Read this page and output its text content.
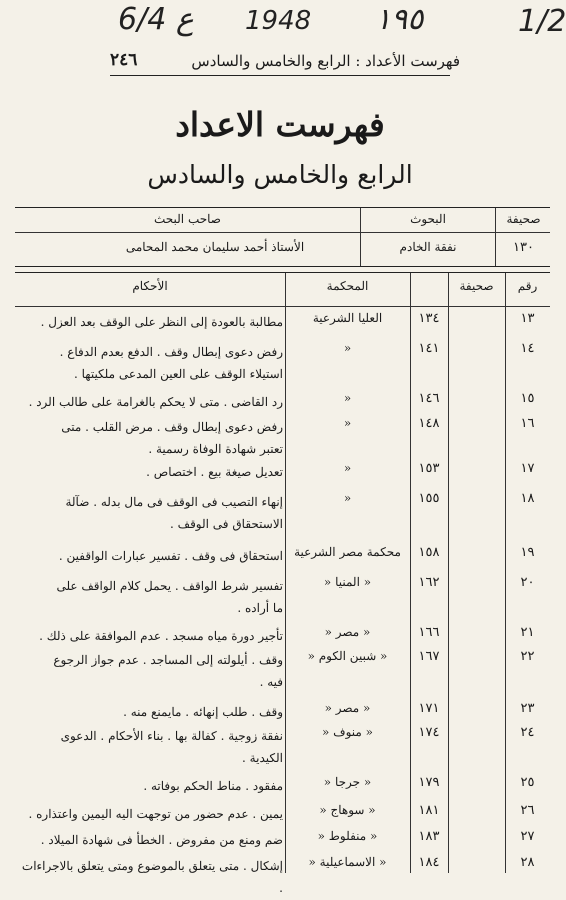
6/4 ع 1948 ١٩٥	1/2
٢٤٦	فهرست الأعداد : الرابع والخامس والسادس
فهرست الاعداد
الرابع والخامس والسادس
صحيفة
البحوث
صاحب البحث
١٣٠
نفقة الخادم
الأستاذ أحمد سليمان محمد المحامى
رقم
صحيفة
المحكمة
الأحكام
١٣
١٣٤
العليا الشرعية
مطالبة بالعودة إلى النظر على الوقف بعد العزل .
١٤
١٤١
«
رفض دعوى إبطال وقف . الدفع بعدم الدفاع .
استيلاء الوقف على العين المدعى ملكيتها .
١٥
١٤٦
«
رد القاضى . متى لا يحكم بالغرامة على طالب الرد .
١٦
١٤٨
«
رفض دعوى إبطال وقف . مرض القلب . متى
تعتبر شهادة الوفاة رسمية .
١٧
١٥٣
«
تعديل صيغة بيع . اختصاص .
١٨
١٥٥
«
إنهاء التصيب فى الوقف فى مال بدله . ضآلة
الاستحقاق فى الوقف .
١٩
١٥٨
محكمة مصر الشرعية
استحقاق فى وقف . تفسير عبارات الواقفين .
٢٠
١٦٢
« المنيا «
تفسير شرط الواقف . يحمل كلام الواقف على
ما أراده .
٢١
١٦٦
« مصر «
تأجير دورة مياه مسجد . عدم الموافقة على ذلك .
٢٢
١٦٧
« شبين الكوم «
وقف . أيلولته إلى المساجد . عدم جواز الرجوع
فيه .
٢٣
١٧١
« مصر «
وقف . طلب إنهائه . مايمنع منه .
٢٤
١٧٤
« منوف «
نفقة زوجية . كفالة بها . بناء الأحكام . الدعوى
الكيدية .
٢٥
١٧٩
« جرجا «
مفقود . مناط الحكم بوفاته .
٢٦
١٨١
« سوهاج «
يمين . عدم حضور من توجهت اليه اليمين واعتذاره .
٢٧
١٨٣
« منفلوط «
ضم ومنع من مفروض . الخطأ فى شهادة الميلاد .
٢٨
١٨٤
« الاسماعيلية «
إشكال . متى يتعلق بالموضوع ومتى يتعلق بالاجراءات .
